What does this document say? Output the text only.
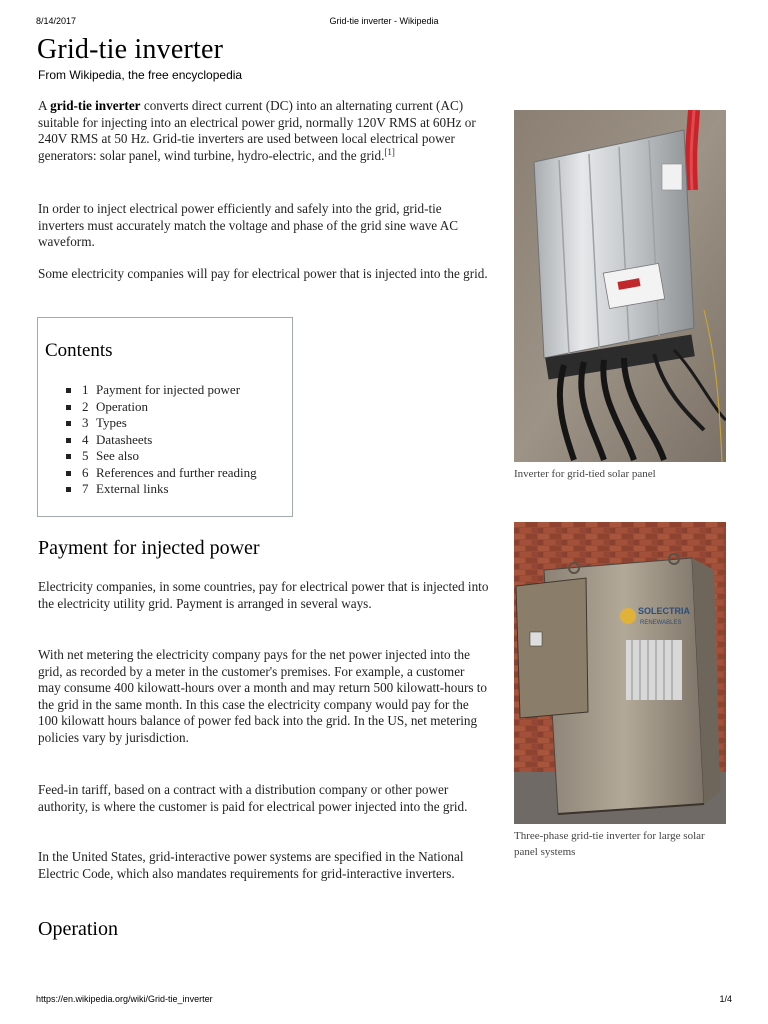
8/14/2017	Grid-tie inverter - Wikipedia
Grid-tie inverter
From Wikipedia, the free encyclopedia

A grid-tie inverter converts direct current (DC) into an alternating current (AC) suitable for injecting into an electrical power grid, normally 120V RMS at 60Hz or 240V RMS at 50 Hz. Grid-tie inverters are used between local electrical power generators: solar panel, wind turbine, hydro-electric, and the grid.[1]

In order to inject electrical power efficiently and safely into the grid, grid-tie inverters must accurately match the voltage and phase of the grid sine wave AC waveform.

Some electricity companies will pay for electrical power that is injected into the grid.

Contents
1 Payment for injected power
2 Operation
3 Types
4 Datasheets
5 See also
6 References and further reading
7 External links
Payment for injected power

Electricity companies, in some countries, pay for electrical power that is injected into the electricity utility grid. Payment is arranged in several ways.

With net metering the electricity company pays for the net power injected into the grid, as recorded by a meter in the customer's premises. For example, a customer may consume 400 kilowatt-hours over a month and may return 500 kilowatt-hours to the grid in the same month. In this case the electricity company would pay for the 100 kilowatt hours balance of power fed back into the grid. In the US, net metering policies vary by jurisdiction.

Feed-in tariff, based on a contract with a distribution company or other power authority, is where the customer is paid for electrical power injected into the grid.

In the United States, grid-interactive power systems are specified in the National Electric Code, which also mandates requirements for grid-interactive inverters.

Operation
Inverter for grid-tied solar panel
SOLECTRIA
RENEWABLES
Three-phase grid-tie inverter for large solar panel systems
https://en.wikipedia.org/wiki/Grid-tie_inverter	1/4
